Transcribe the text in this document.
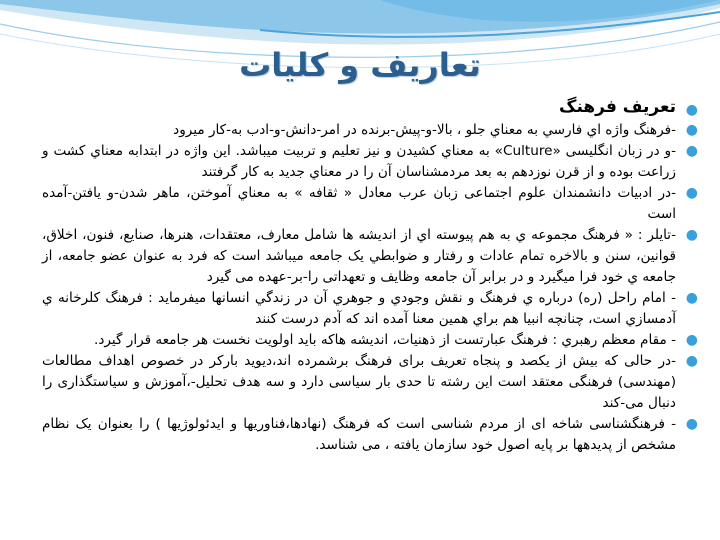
تعاريف و کليات
●
تعريف فرهنگ
●
-فرهنگ واژه اي فارسي به معناي جلو ، بالا-و-پيش-برنده در امر-دانش-و-ادب به-کار ميرود
●
-و در زبان انگليسى «Culture» به معناي كشيدن و نيز تعليم و تربيت ميباشد. اين واژه در ابتدابه معناي کشت و زراعت بوده و از قرن نوزدهم به بعد مردمشناسان آن را در معناي جديد به كار گرفتند
●
-در ادبيات دانشمندان علوم اجتماعى زبان عرب معادل « ثقافه » به معناي آموختن، ماهر شدن-و يافتن-آمده است
●
-تايلر : « فرهنگ مجموعه ي به هم پيوسته اي از انديشه ها شامل معارف، معتقدات، هنرها، صنايع، فنون، اخلاق، قوانين، سنن و بالاخره تمام عادات و رفتار و ضوابطي يک جامعه ميباشد است که فرد به عنوان عضو جامعه، از جامعه ي خود فرا ميگيرد و در برابر آن جامعه وظايف و تعهداتى را-بر-عهده مى گيرد
●
- امام راحل (ره) درباره ي فرهنگ و نقش وجودي و جوهري آن در زندگي انسانها ميفرمايد : فرهنگ كلرخانه ي آدمسازي است، چنانچه انبيا هم براي همين معنا آمده اند كه آدم درست كنند
●
- مقام معظم رهبري : فرهنگ عبارتست از ذهنيات، انديشه هاكه بايد اولويت نخست هر جامعه قرار گيرد.
●
-در حالی که بیش از یکصد و پنجاه تعریف برای فرهنگ برشمرده اند،دیوید بارکر در خصوص اهداف مطالعات (مهندسی) فرهنگی معتقد است این رشته تا حدی بار سیاسی دارد و سه هدف تحلیل-،آموزش و سیاستگذاری را دنبال می-کند
●
- فرهنگشناسی شاخه ای از مردم شناسی است که فرهنگ (نهادها،فناوریها و ایدئولوژیها ) را بعنوان یک نظام مشخص از پدیدهها بر پایه اصول خود سازمان یافته ، می شناسد.
